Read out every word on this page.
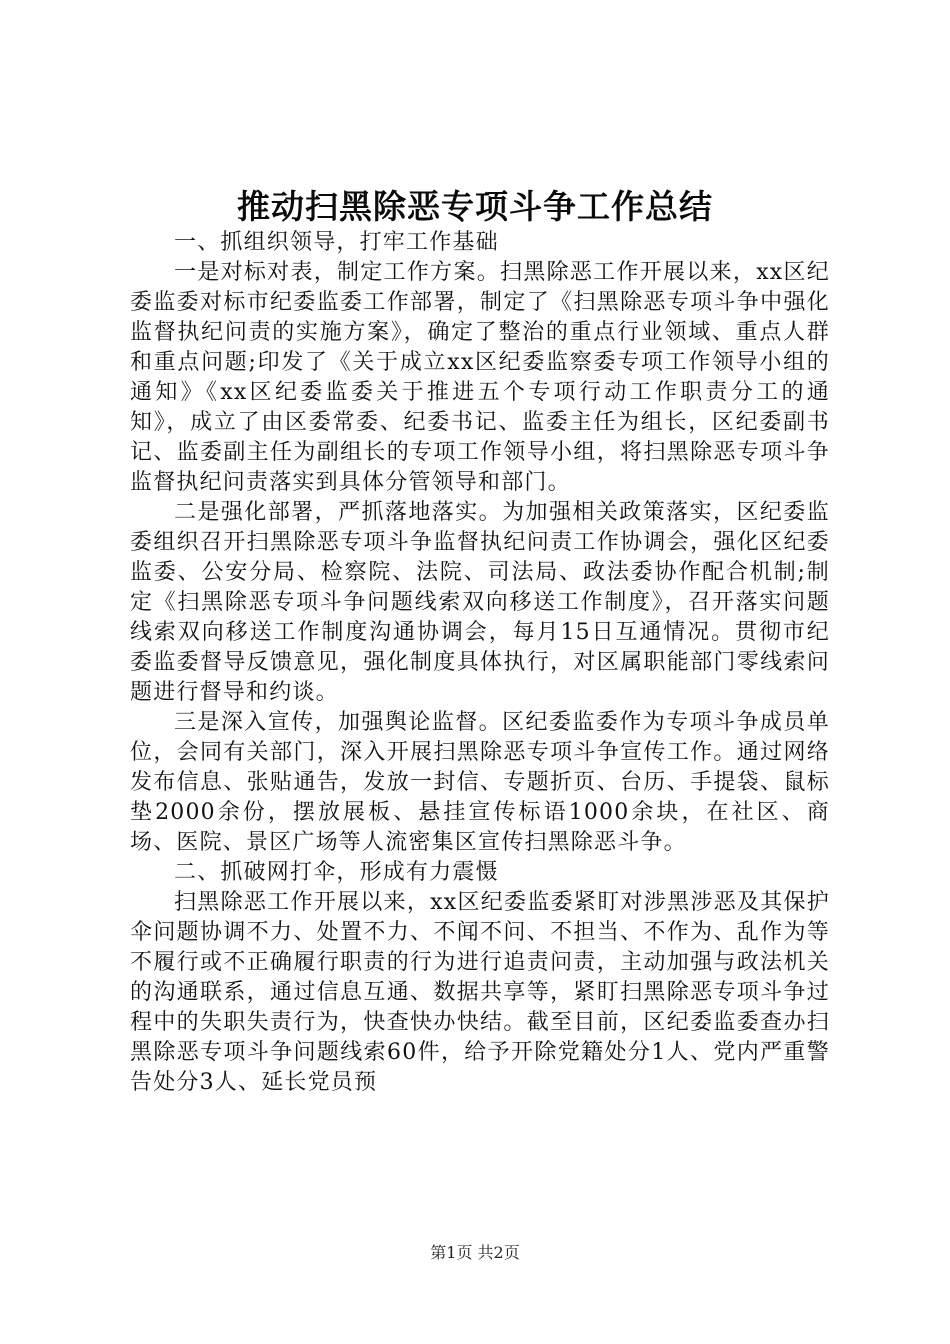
推动扫黑除恶专项斗争工作总结

一、抓组织领导，打牢工作基础

一是对标对表，制定工作方案。扫黑除恶工作开展以来，xx区纪委监委对标市纪委监委工作部署，制定了《扫黑除恶专项斗争中强化监督执纪问责的实施方案》，确定了整治的重点行业领域、重点人群和重点问题;印发了《关于成立xx区纪委监察委专项工作领导小组的通知》《xx区纪委监委关于推进五个专项行动工作职责分工的通知》，成立了由区委常委、纪委书记、监委主任为组长，区纪委副书记、监委副主任为副组长的专项工作领导小组，将扫黑除恶专项斗争监督执纪问责落实到具体分管领导和部门。

二是强化部署，严抓落地落实。为加强相关政策落实，区纪委监委组织召开扫黑除恶专项斗争监督执纪问责工作协调会，强化区纪委监委、公安分局、检察院、法院、司法局、政法委协作配合机制;制定《扫黑除恶专项斗争问题线索双向移送工作制度》，召开落实问题线索双向移送工作制度沟通协调会，每月15日互通情况。贯彻市纪委监委督导反馈意见，强化制度具体执行，对区属职能部门零线索问题进行督导和约谈。

三是深入宣传，加强舆论监督。区纪委监委作为专项斗争成员单位，会同有关部门，深入开展扫黑除恶专项斗争宣传工作。通过网络发布信息、张贴通告，发放一封信、专题折页、台历、手提袋、鼠标垫2000余份，摆放展板、悬挂宣传标语1000余块，在社区、商场、医院、景区广场等人流密集区宣传扫黑除恶斗争。

二、抓破网打伞，形成有力震慑

扫黑除恶工作开展以来，xx区纪委监委紧盯对涉黑涉恶及其保护伞问题协调不力、处置不力、不闻不问、不担当、不作为、乱作为等不履行或不正确履行职责的行为进行追责问责，主动加强与政法机关的沟通联系，通过信息互通、数据共享等，紧盯扫黑除恶专项斗争过程中的失职失责行为，快查快办快结。截至目前，区纪委监委查办扫黑除恶专项斗争问题线索60件，给予开除党籍处分1人、党内严重警告处分3人、延长党员预

第1页 共2页
